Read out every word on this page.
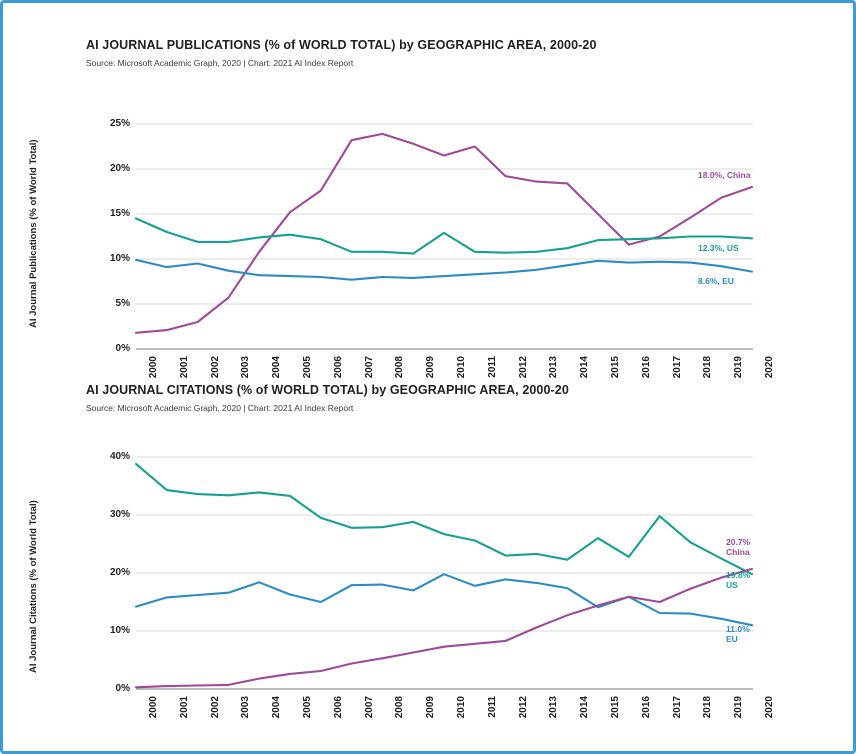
AI JOURNAL PUBLICATIONS (% of WORLD TOTAL) by GEOGRAPHIC AREA, 2000-20
Source: Microsoft Academic Graph, 2020 | Chart: 2021 AI Index Report
AI Journal Publications (% of World Total)
0%
5%
10%
15%
20%
25%
18.0%, China
12.3%, US
8.6%, EU
2000 2001 2002 2003 2004 2005 2006 2007 2008 2009 2010 2011 2012 2013 2014 2015 2016 2017 2018 2019 2020
AI JOURNAL CITATIONS (% of WORLD TOTAL) by GEOGRAPHIC AREA, 2000-20
Source: Microsoft Academic Graph, 2020 | Chart: 2021 AI Index Report
AI Journal Citations (% of World Total)
0%
10%
20%
30%
40%
20.7%
China
19.8%
US
11.0%
EU
2000 2001 2002 2003 2004 2005 2006 2007 2008 2009 2010 2011 2012 2013 2014 2015 2016 2017 2018 2019 2020
